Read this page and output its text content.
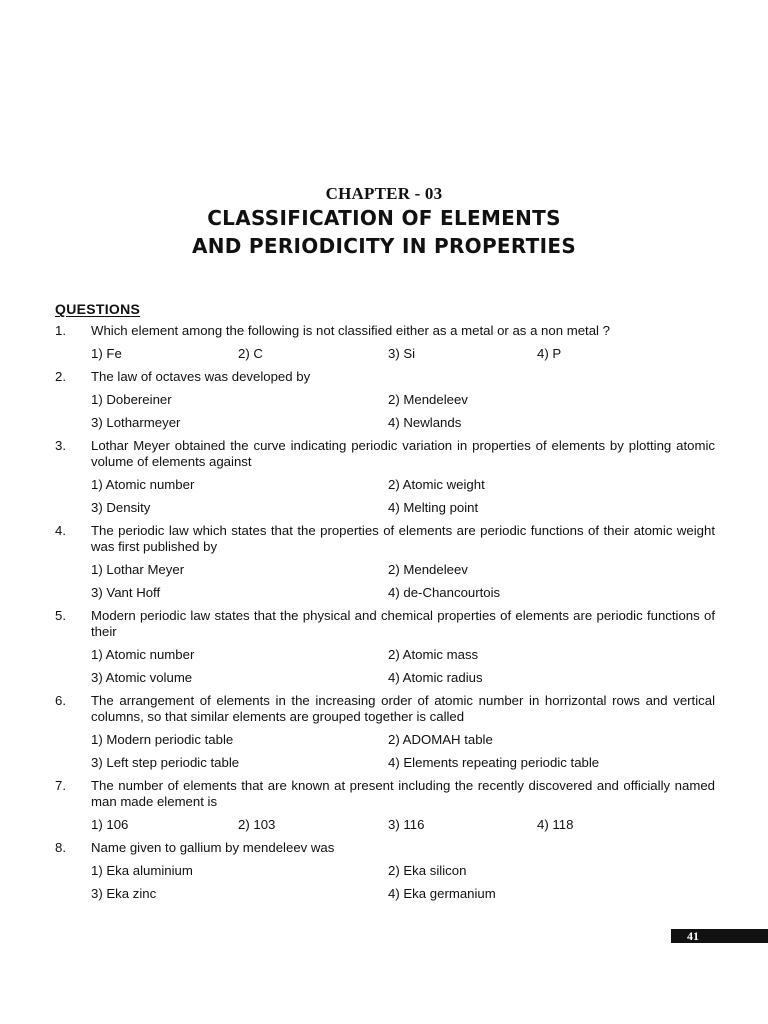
CHAPTER - 03
CLASSIFICATION OF ELEMENTS
AND PERIODICITY IN PROPERTIES
QUESTIONS
1.	Which element among the following is not classified either as a metal or as a non metal ?
1) Fe	2) C	3) Si	4) P
2.	The law of octaves was developed by
1) Dobereiner	2) Mendeleev
3) Lotharmeyer	4) Newlands
3.	Lothar Meyer obtained the curve indicating periodic variation in properties of elements by plotting atomic volume of elements against
1) Atomic number	2) Atomic weight
3) Density	4) Melting point
4.	The periodic law which states that the properties of elements are periodic functions of their atomic weight was first published by
1) Lothar Meyer	2) Mendeleev
3) Vant Hoff	4) de-Chancourtois
5.	Modern periodic law states that the physical and chemical properties of elements are periodic functions of their
1) Atomic number	2) Atomic mass
3) Atomic volume	4) Atomic radius
6.	The arrangement of elements in the increasing order of atomic number in horrizontal rows and vertical columns, so that similar elements are grouped together is called
1) Modern periodic table	2) ADOMAH table
3) Left step periodic table	4) Elements repeating periodic table
7.	The number of elements that are known at present including the recently discovered and officially named man made element is
1) 106	2) 103	3) 116	4) 118
8.	Name given to gallium by mendeleev was
1) Eka aluminium	2) Eka silicon
3) Eka zinc	4) Eka germanium
41
